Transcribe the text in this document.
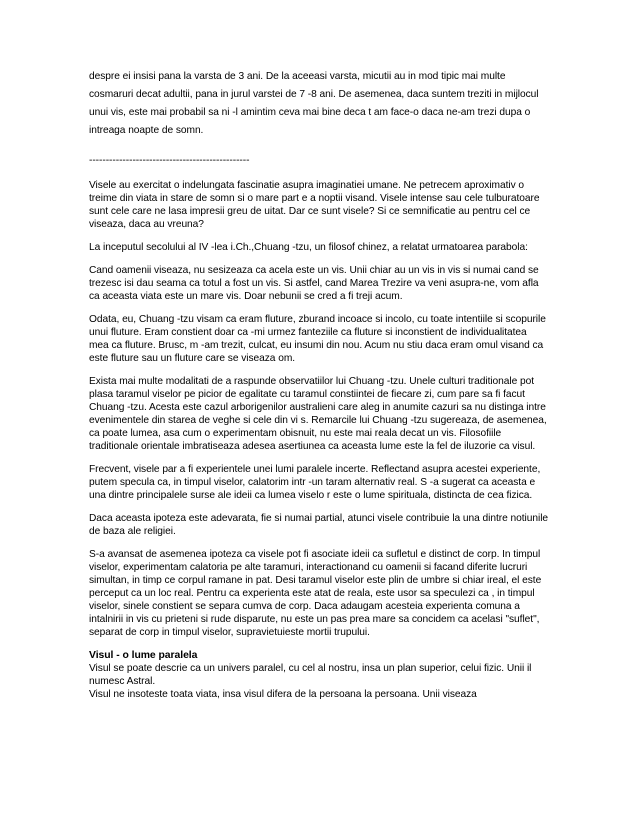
despre ei insisi pana la varsta de 3 ani. De la aceeasi varsta, micutii au in mod tipic mai multe cosmaruri decat adultii, pana in jurul varstei de 7 -8 ani. De asemenea, daca suntem treziti in mijlocul unui vis, este mai probabil sa ni -l amintim ceva mai bine deca t am face-o daca ne-am trezi dupa o intreaga noapte de somn.

------------------------------------------------

Visele au exercitat o indelungata fascinatie asupra imaginatiei umane. Ne petrecem aproximativ o treime din viata in stare de somn si o mare part e a noptii visand. Visele intense sau cele tulburatoare sunt cele care ne lasa impresii greu de uitat. Dar ce sunt visele? Si ce semnificatie au pentru cel ce viseaza, daca au vreuna?

La inceputul secolului al IV -lea i.Ch.,Chuang -tzu, un filosof chinez, a relatat urmatoarea parabola:

Cand oamenii viseaza, nu sesizeaza ca acela este un vis. Unii chiar au un vis in vis si numai cand se trezesc isi dau seama ca totul a fost un vis. Si astfel, cand Marea Trezire va veni asupra-ne, vom afla ca aceasta viata este un mare vis. Doar nebunii se cred a fi treji acum.

Odata, eu, Chuang -tzu visam ca eram fluture, zburand incoace si incolo, cu toate intentiile si scopurile unui fluture. Eram constient doar ca -mi urmez fanteziile ca fluture si inconstient de individualitatea mea ca fluture. Brusc, m -am trezit, culcat, eu insumi din nou. Acum nu stiu daca eram omul visand ca este fluture sau un fluture care se viseaza om.

Exista mai multe modalitati de a raspunde observatiilor lui Chuang -tzu. Unele culturi traditionale pot plasa taramul viselor pe picior de egalitate cu taramul constiintei de fiecare zi, cum pare sa fi facut Chuang -tzu. Acesta este cazul arborigenilor australieni care aleg in anumite cazuri sa nu distinga intre evenimentele din starea de veghe si cele din vi s. Remarcile lui Chuang -tzu sugereaza, de asemenea, ca poate lumea, asa cum o experimentam obisnuit, nu este mai reala decat un vis. Filosofiile traditionale orientale imbratiseaza adesea asertiunea ca aceasta lume este la fel de iluzorie ca visul.

Frecvent, visele par a fi experientele unei lumi paralele incerte. Reflectand asupra acestei experiente, putem specula ca, in timpul viselor, calatorim intr -un taram alternativ real. S -a sugerat ca aceasta e una dintre principalele surse ale ideii ca lumea viselo r este o lume spirituala, distincta de cea fizica.

Daca aceasta ipoteza este adevarata, fie si numai partial, atunci visele contribuie la una dintre notiunile de baza ale religiei.

S-a avansat de asemenea ipoteza ca visele pot fi asociate ideii ca sufletul e distinct de corp. In timpul viselor, experimentam calatoria pe alte taramuri, interactionand cu oamenii si facand diferite lucruri simultan, in timp ce corpul ramane in pat. Desi taramul viselor este plin de umbre si chiar ireal, el este perceput ca un loc real. Pentru ca experienta este atat de reala, este usor sa speculezi ca , in timpul viselor, sinele constient se separa cumva de corp. Daca adaugam acesteia experienta comuna a intalnirii in vis cu prieteni si rude disparute, nu este un pas prea mare sa concidem ca acelasi "suflet", separat de corp in timpul viselor, supravietuieste mortii trupului.

Visul - o lume paralela

Visul se poate descrie ca un univers paralel, cu cel al nostru, insa un plan superior, celui fizic. Unii il numesc Astral.

Visul ne insoteste toata viata, insa visul difera de la persoana la persoana. Unii viseaza
